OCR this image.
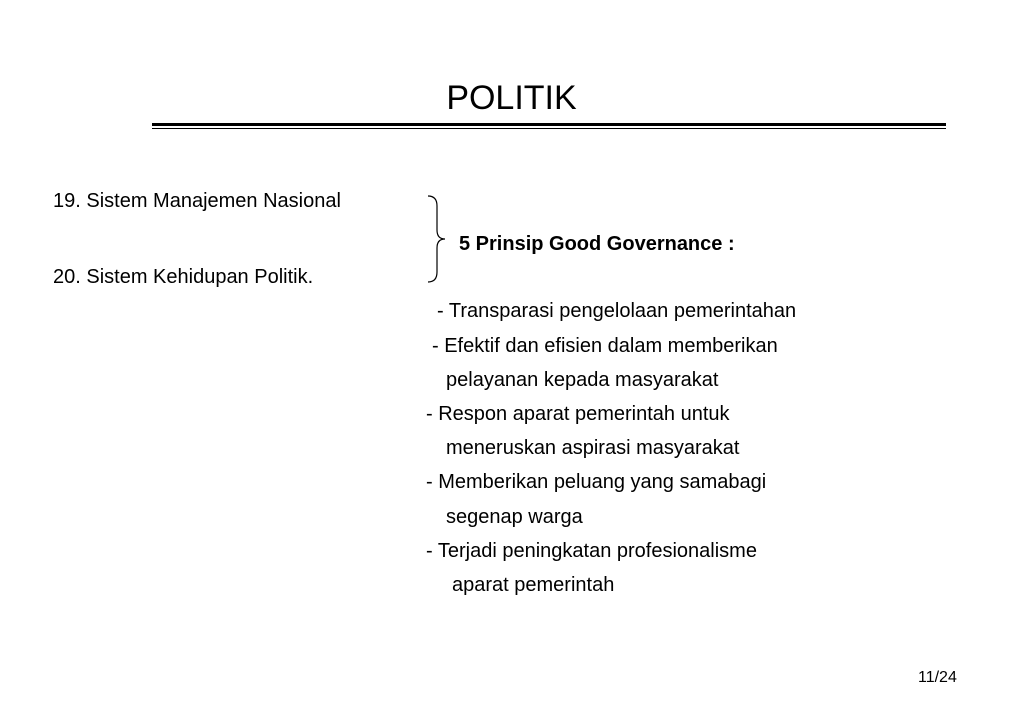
POLITIK

19. Sistem Manajemen Nasional

20. Sistem Kehidupan Politik.

5 Prinsip Good Governance :

- Transparasi pengelolaan pemerintahan

- Efektif dan efisien dalam memberikan

pelayanan kepada masyarakat

- Respon aparat pemerintah untuk

meneruskan aspirasi masyarakat

- Memberikan peluang yang samabagi

segenap warga

- Terjadi peningkatan profesionalisme

aparat pemerintah

11/24
